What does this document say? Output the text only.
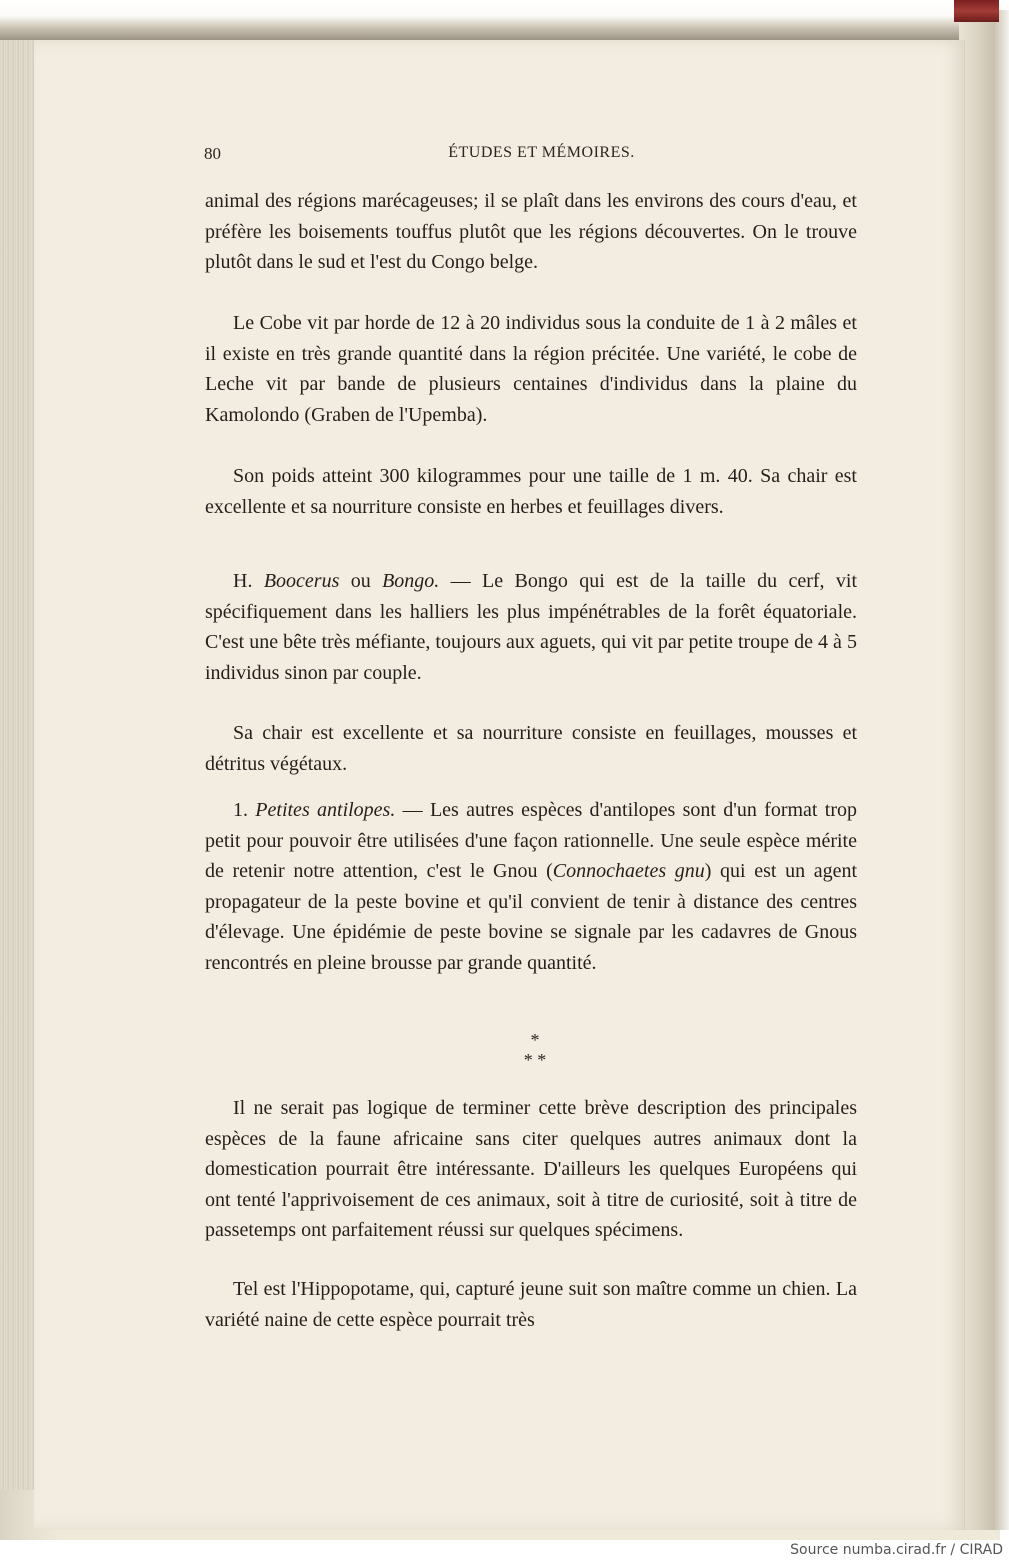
80	ÉTUDES ET MÉMOIRES.

animal des régions marécageuses; il se plaît dans les environs des cours d'eau, et préfère les boisements touffus plutôt que les régions découvertes. On le trouve plutôt dans le sud et l'est du Congo belge.

Le Cobe vit par horde de 12 à 20 individus sous la conduite de 1 à 2 mâles et il existe en très grande quantité dans la région précitée. Une variété, le cobe de Leche vit par bande de plusieurs centaines d'individus dans la plaine du Kamolondo (Graben de l'Upemba).

Son poids atteint 300 kilogrammes pour une taille de 1 m. 40. Sa chair est excellente et sa nourriture consiste en herbes et feuillages divers.

H. Boocerus ou Bongo. — Le Bongo qui est de la taille du cerf, vit spécifiquement dans les halliers les plus impénétrables de la forêt équatoriale. C'est une bête très méfiante, toujours aux aguets, qui vit par petite troupe de 4 à 5 individus sinon par couple.

Sa chair est excellente et sa nourriture consiste en feuillages, mousses et détritus végétaux.

1. Petites antilopes. — Les autres espèces d'antilopes sont d'un format trop petit pour pouvoir être utilisées d'une façon rationnelle. Une seule espèce mérite de retenir notre attention, c'est le Gnou (Connochaetes gnu) qui est un agent propagateur de la peste bovine et qu'il convient de tenir à distance des centres d'élevage. Une épidémie de peste bovine se signale par les cadavres de Gnous rencontrés en pleine brousse par grande quantité.

*
* *

Il ne serait pas logique de terminer cette brève description des principales espèces de la faune africaine sans citer quelques autres animaux dont la domestication pourrait être intéressante. D'ailleurs les quelques Européens qui ont tenté l'apprivoisement de ces animaux, soit à titre de curiosité, soit à titre de passetemps ont parfaitement réussi sur quelques spécimens.

Tel est l'Hippopotame, qui, capturé jeune suit son maître comme un chien. La variété naine de cette espèce pourrait très

Source numba.cirad.fr / CIRAD
